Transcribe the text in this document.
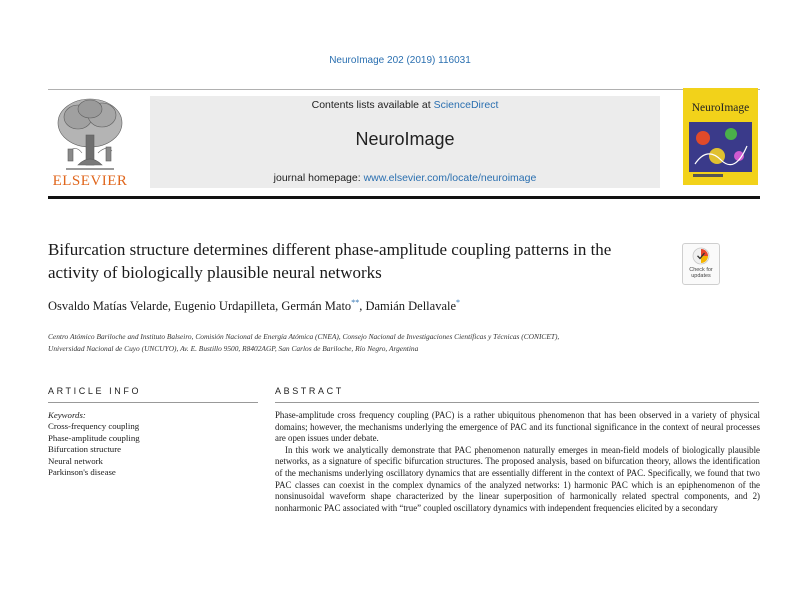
NeuroImage 202 (2019) 116031
ELSEVIER
Contents lists available at ScienceDirect
NeuroImage
journal homepage: www.elsevier.com/locate/neuroimage
NeuroImage
Bifurcation structure determines different phase-amplitude coupling patterns in the activity of biologically plausible neural networks	Check for updates
Osvaldo Matías Velarde, Eugenio Urdapilleta, Germán Mato**, Damián Dellavale*
Centro Atómico Bariloche and Instituto Balseiro, Comisión Nacional de Energía Atómica (CNEA), Consejo Nacional de Investigaciones Científicas y Técnicas (CONICET),
Universidad Nacional de Cuyo (UNCUYO), Av. E. Bustillo 9500, R8402AGP, San Carlos de Bariloche, Río Negro, Argentina
ARTICLE INFO	ABSTRACT
Keywords:
Cross-frequency coupling
Phase-amplitude coupling
Bifurcation structure
Neural network
Parkinson's disease

Phase-amplitude cross frequency coupling (PAC) is a rather ubiquitous phenomenon that has been observed in a variety of physical domains; however, the mechanisms underlying the emergence of PAC and its functional significance in the context of neural processes are open issues under debate.

In this work we analytically demonstrate that PAC phenomenon naturally emerges in mean-field models of biologically plausible networks, as a signature of specific bifurcation structures. The proposed analysis, based on bifurcation theory, allows the identification of the mechanisms underlying oscillatory dynamics that are essentially different in the context of PAC. Specifically, we found that two PAC classes can coexist in the complex dynamics of the analyzed networks: 1) harmonic PAC which is an epiphenomenon of the nonsinusoidal waveform shape characterized by the linear superposition of harmonically related spectral components, and 2) nonharmonic PAC associated with “true” coupled oscillatory dynamics with independent frequencies elicited by a secondary
